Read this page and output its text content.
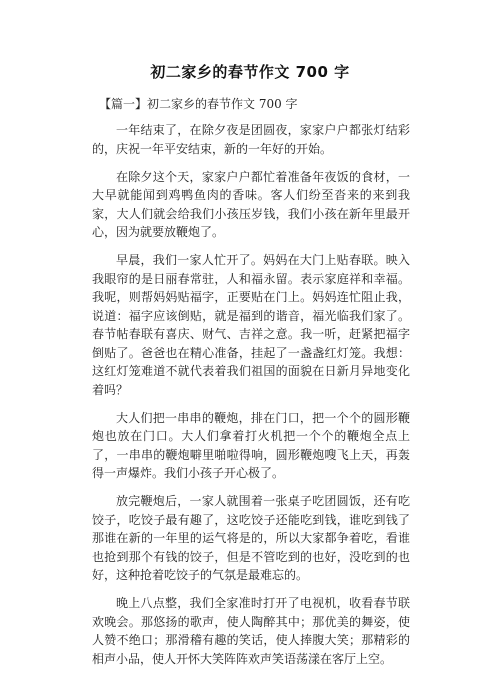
初二家乡的春节作文 700 字
【篇一】初二家乡的春节作文 700 字

一年结束了，在除夕夜是团圆夜，家家户户都张灯结彩的，庆祝一年平安结束，新的一年好的开始。

在除夕这个天，家家户户都忙着准备年夜饭的食材，一大早就能闻到鸡鸭鱼肉的香味。客人们纷至沓来的来到我家，大人们就会给我们小孩压岁钱，我们小孩在新年里最开心，因为就要放鞭炮了。

早晨，我们一家人忙开了。妈妈在大门上贴春联。映入我眼帘的是日丽春常驻，人和福永留。表示家庭祥和幸福。我呢，则帮妈妈贴福字，正要贴在门上。妈妈连忙阻止我，说道：福字应该倒贴，就是福到的谐音，福光临我们家了。春节帖春联有喜庆、财气、吉祥之意。我一听，赶紧把福字倒贴了。爸爸也在精心准备，挂起了一盏盏红灯笼。我想：这红灯笼难道不就代表着我们祖国的面貌在日新月异地变化着吗？

大人们把一串串的鞭炮，排在门口，把一个个的圆形鞭炮也放在门口。大人们拿着打火机把一个个的鞭炮全点上了，一串串的鞭炮噼里啪啦得响，圆形鞭炮嗖飞上天，再轰得一声爆炸。我们小孩子开心极了。

放完鞭炮后，一家人就围着一张桌子吃团圆饭，还有吃饺子，吃饺子最有趣了，这吃饺子还能吃到钱，谁吃到钱了那谁在新的一年里的运气将是的，所以大家都争着吃，看谁也抢到那个有钱的饺子，但是不管吃到的也好，没吃到的也好，这种抢着吃饺子的气氛是最难忘的。

晚上八点整，我们全家准时打开了电视机，收看春节联欢晚会。那悠扬的歌声，使人陶醉其中；那优美的舞姿，使人赞不绝口；那滑稽有趣的笑话，使人捧腹大笑；那精彩的相声小品，使人开怀大笑阵阵欢声笑语荡漾在客厅上空。
